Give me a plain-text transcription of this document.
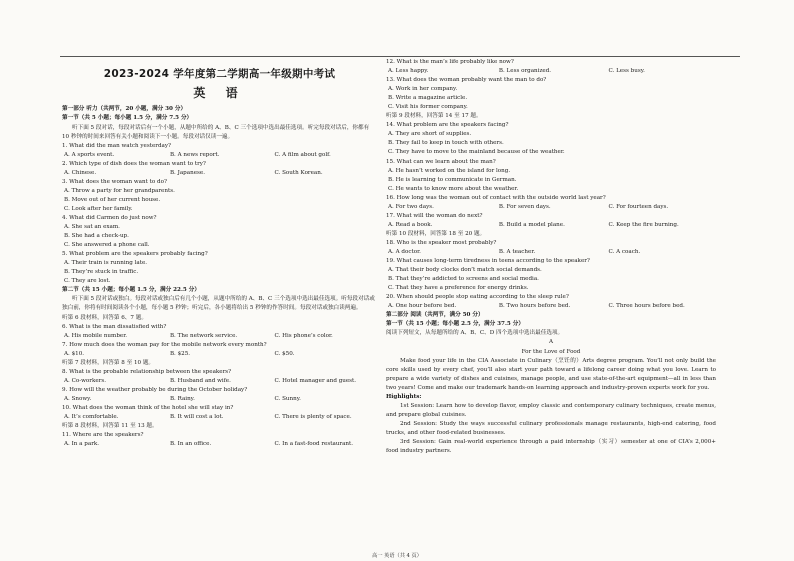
2023-2024 学年度第二学期高一年级期中考试
英 语
第一部分 听力（共两节，20 小题，满分 30 分）
第一节（共 5 小题；每小题 1.5 分，满分 7.5 分）
听下面 5 段对话，每段对话后有一个小题，从题中所给的 A、B、C 三个选项中选出最佳选项。听完每段对话后，你都有 10 秒钟的时间来回答有关小题和阅读下一小题。每段对话仅读一遍。
1. What did the man watch yesterday?
A. A sports event.	B. A news report.	C. A film about golf.
2. Which type of dish does the woman want to try?
A. Chinese.	B. Japanese.	C. South Korean.
3. What does the woman want to do?
A. Throw a party for her grandparents.
B. Move out of her current house.
C. Look after her family.
4. What did Carmen do just now?
A. She sat an exam.
B. She had a check-up.
C. She answered a phone call.
5. What problem are the speakers probably facing?
A. Their train is running late.
B. They’re stuck in traffic.
C. They are lost.
第二节（共 15 小题；每小题 1.5 分，满分 22.5 分）
听下面 5 段对话或独白。每段对话或独白后有几个小题，从题中所给的 A、B、C 三个选项中选出最佳选项。听每段对话或独白前，你将有时间阅读各个小题，每小题 5 秒钟；听完后，各小题将给出 5 秒钟的作答时间。每段对话或独白读两遍。
听第 6 段材料，回答第 6、7 题。
6. What is the man dissatisfied with?
A. His mobile number.	B. The network service.	C. His phone’s color.
7. How much does the woman pay for the mobile network every month?
A. $10.	B. $25.	C. $50.
听第 7 段材料，回答第 8 至 10 题。
8. What is the probable relationship between the speakers?
A. Co-workers.	B. Husband and wife.	C. Hotel manager and guest.
9. How will the weather probably be during the October holiday?
A. Snowy.	B. Rainy.	C. Sunny.
10. What does the woman think of the hotel she will stay in?
A. It’s comfortable.	B. It will cost a lot.	C. There is plenty of space.
听第 8 段材料，回答第 11 至 13 题。
11. Where are the speakers?
A. In a park.	B. In an office.	C. In a fast-food restaurant.
12. What is the man’s life probably like now?
A. Less happy.	B. Less organized.	C. Less busy.
13. What does the woman probably want the man to do?
A. Work in her company.
B. Write a magazine article.
C. Visit his former company.
听第 9 段材料，回答第 14 至 17 题。
14. What problem are the speakers facing?
A. They are short of supplies.
B. They fail to keep in touch with others.
C. They have to move to the mainland because of the weather.
15. What can we learn about the man?
A. He hasn’t worked on the island for long.
B. He is learning to communicate in German.
C. He wants to know more about the weather.
16. How long was the woman out of contact with the outside world last year?
A. For two days.	B. For seven days.	C. For fourteen days.
17. What will the woman do next?
A. Read a book.	B. Build a model plane.	C. Keep the fire burning.
听第 10 段材料，回答第 18 至 20 题。
18. Who is the speaker most probably?
A. A doctor.	B. A teacher.	C. A coach.
19. What causes long-term tiredness in teens according to the speaker?
A. That their body clocks don’t match social demands.
B. That they’re addicted to screens and social media.
C. That they have a preference for energy drinks.
20. When should people stop eating according to the sleep rule?
A. One hour before bed.	B. Two hours before bed.	C. Three hours before bed.
第二部分 阅读（共两节，满分 50 分）
第一节（共 15 小题；每小题 2.5 分，满分 37.5 分）
阅读下列短文，从每题所给的 A、B、C、D 四个选项中选出最佳选项。
A
For the Love of Food
Make food your life in the CIA Associate in Culinary（烹饪的）Arts degree program. You’ll not only build the core skills used by every chef, you’ll also start your path toward a lifelong career doing what you love. Learn to prepare a wide variety of dishes and cuisines, manage people, and use state-of-the-art equipment—all in less than two years! Come and make our trademark hands-on learning approach and industry-proven experts work for you.
Highlights:
1st Session: Learn how to develop flavor, employ classic and contemporary culinary techniques, create menus, and prepare global cuisines.
2nd Session: Study the ways successful culinary professionals manage restaurants, high-end catering, food trucks, and other food-related businesses.
3rd Session: Gain real-world experience through a paid internship（实习）semester at one of CIA’s 2,000+ food industry partners.
高一 英语（共 4 页）
